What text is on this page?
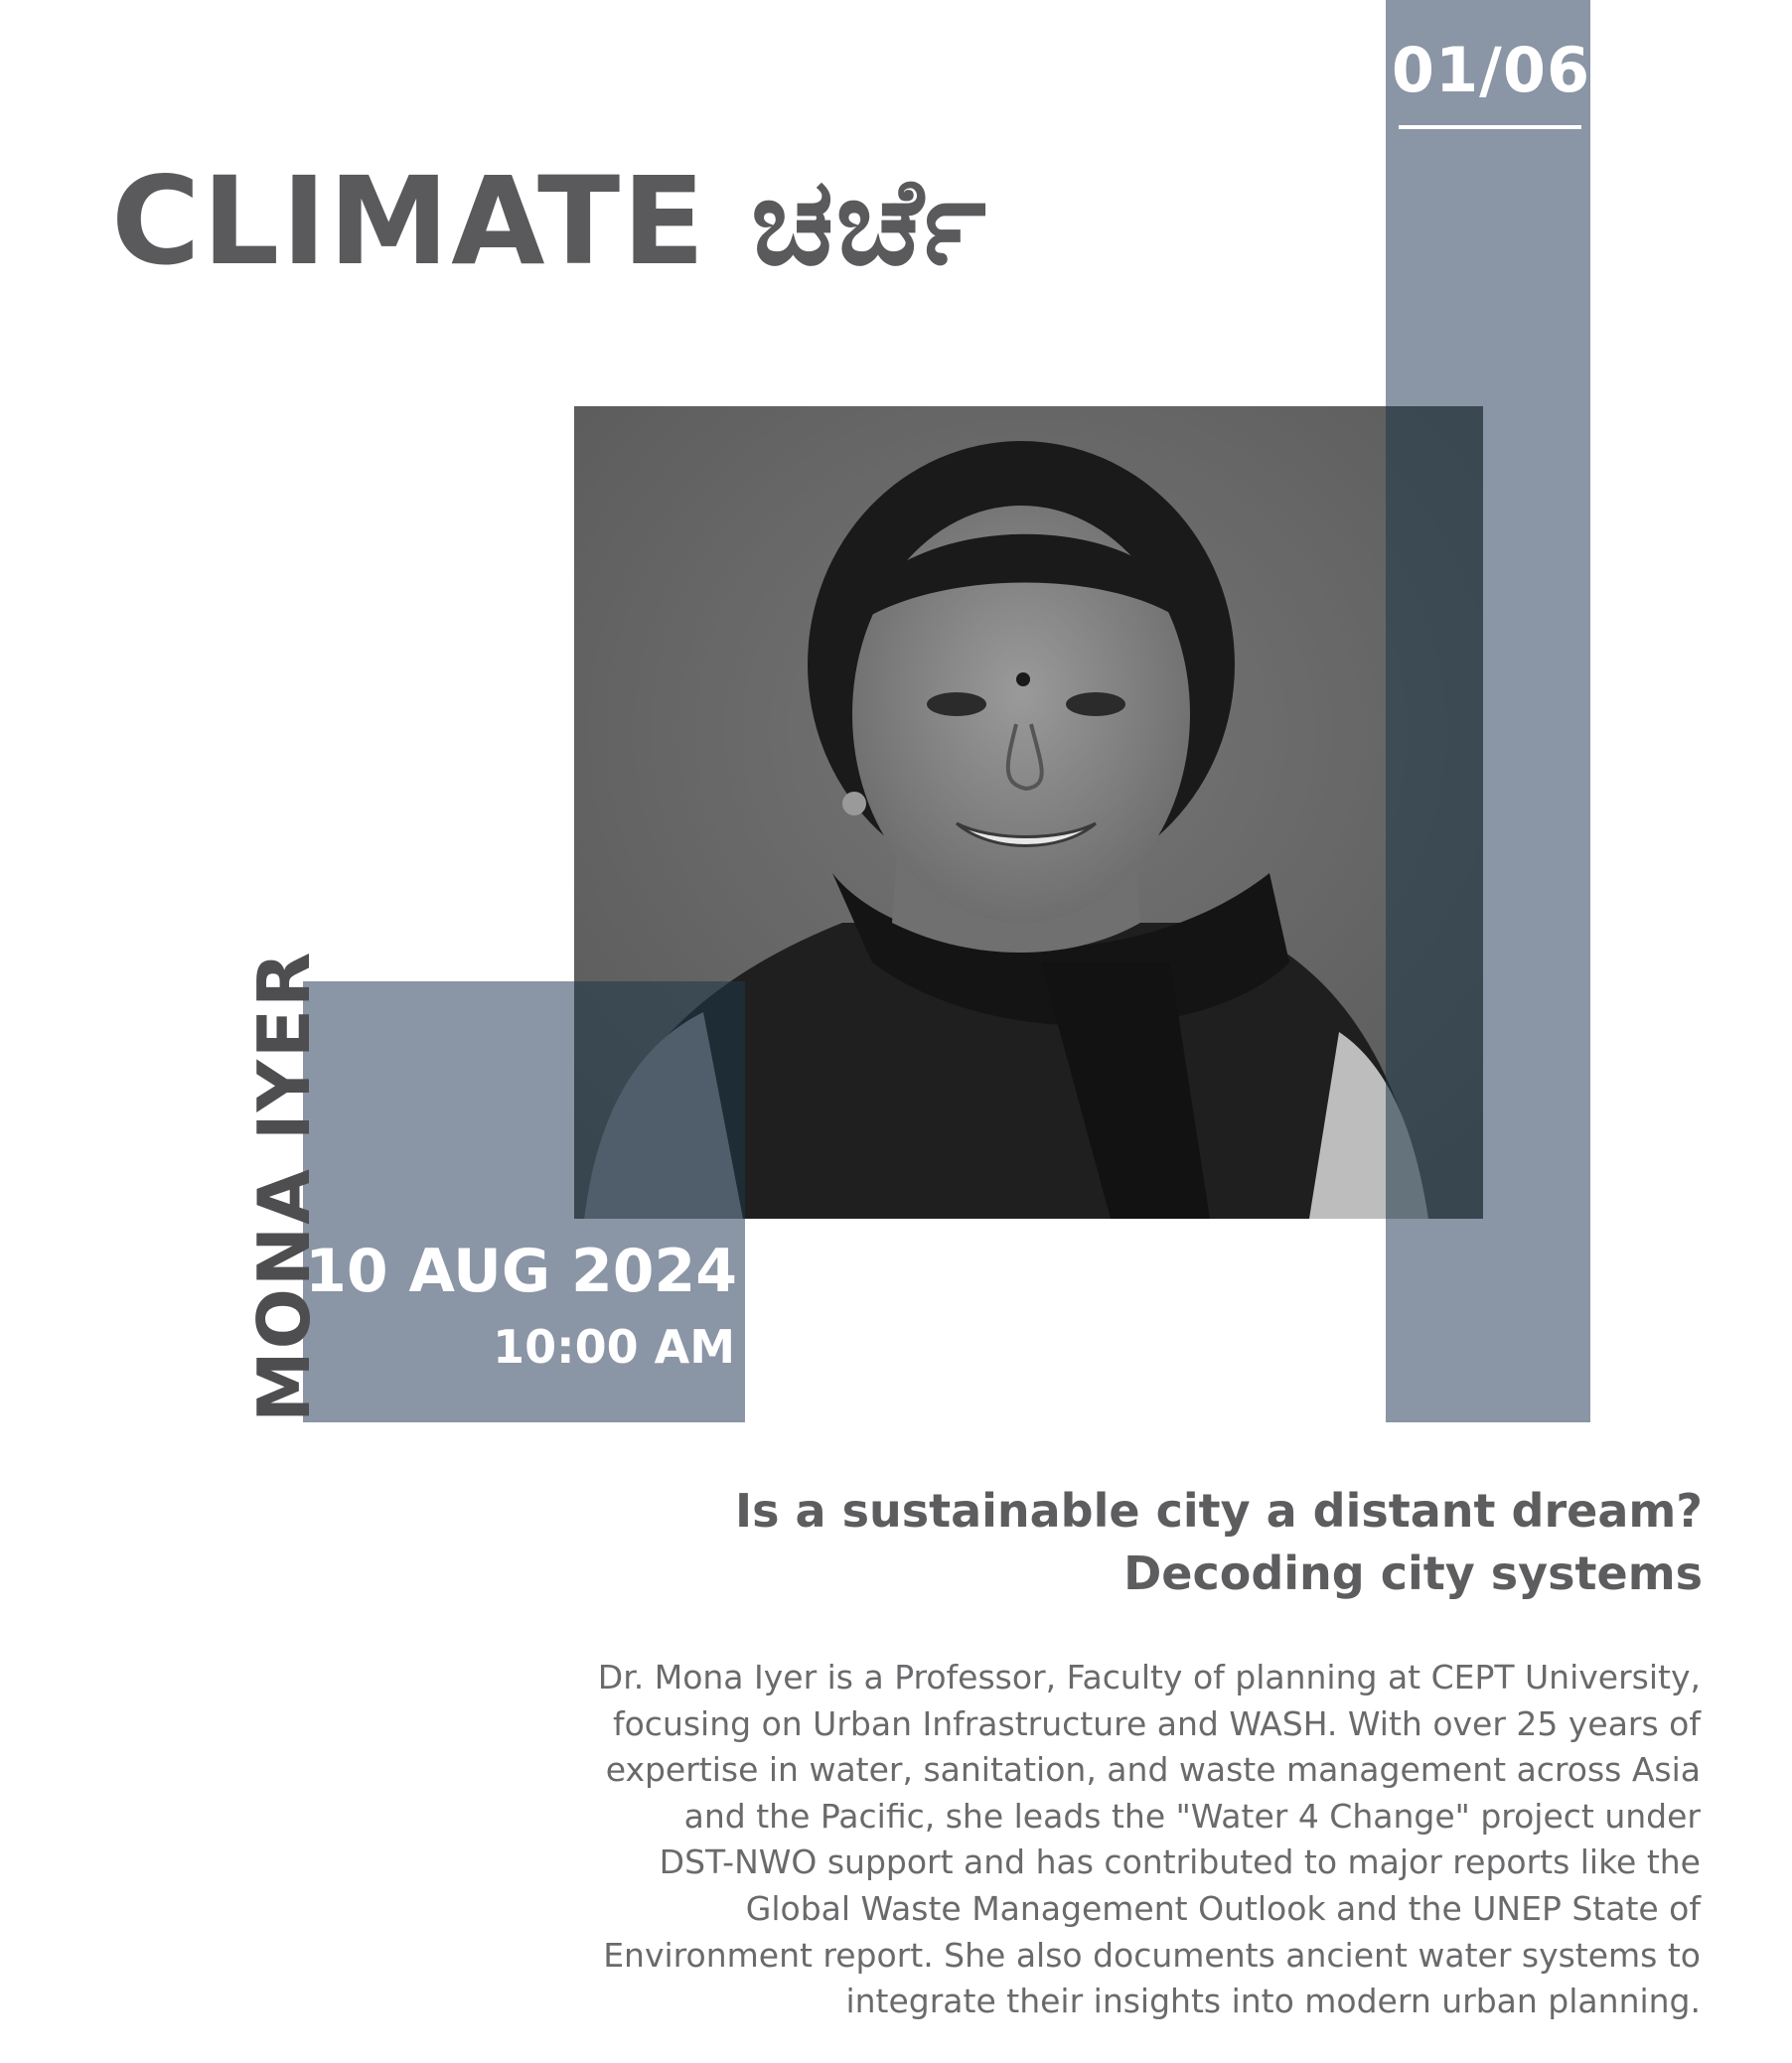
01/06
CLIMATE ಚರ್ಚೆ
10 AUG 2024
10:00 AM
MONA IYER
Is a sustainable city a distant dream?
Decoding city systems
Dr. Mona Iyer is a Professor, Faculty of planning at CEPT University,
focusing on Urban Infrastructure and WASH. With over 25 years of
expertise in water, sanitation, and waste management across Asia
and the Pacific, she leads the "Water 4 Change" project under
DST-NWO support and has contributed to major reports like the
Global Waste Management Outlook and the UNEP State of
Environment report. She also documents ancient water systems to
integrate their insights into modern urban planning.
